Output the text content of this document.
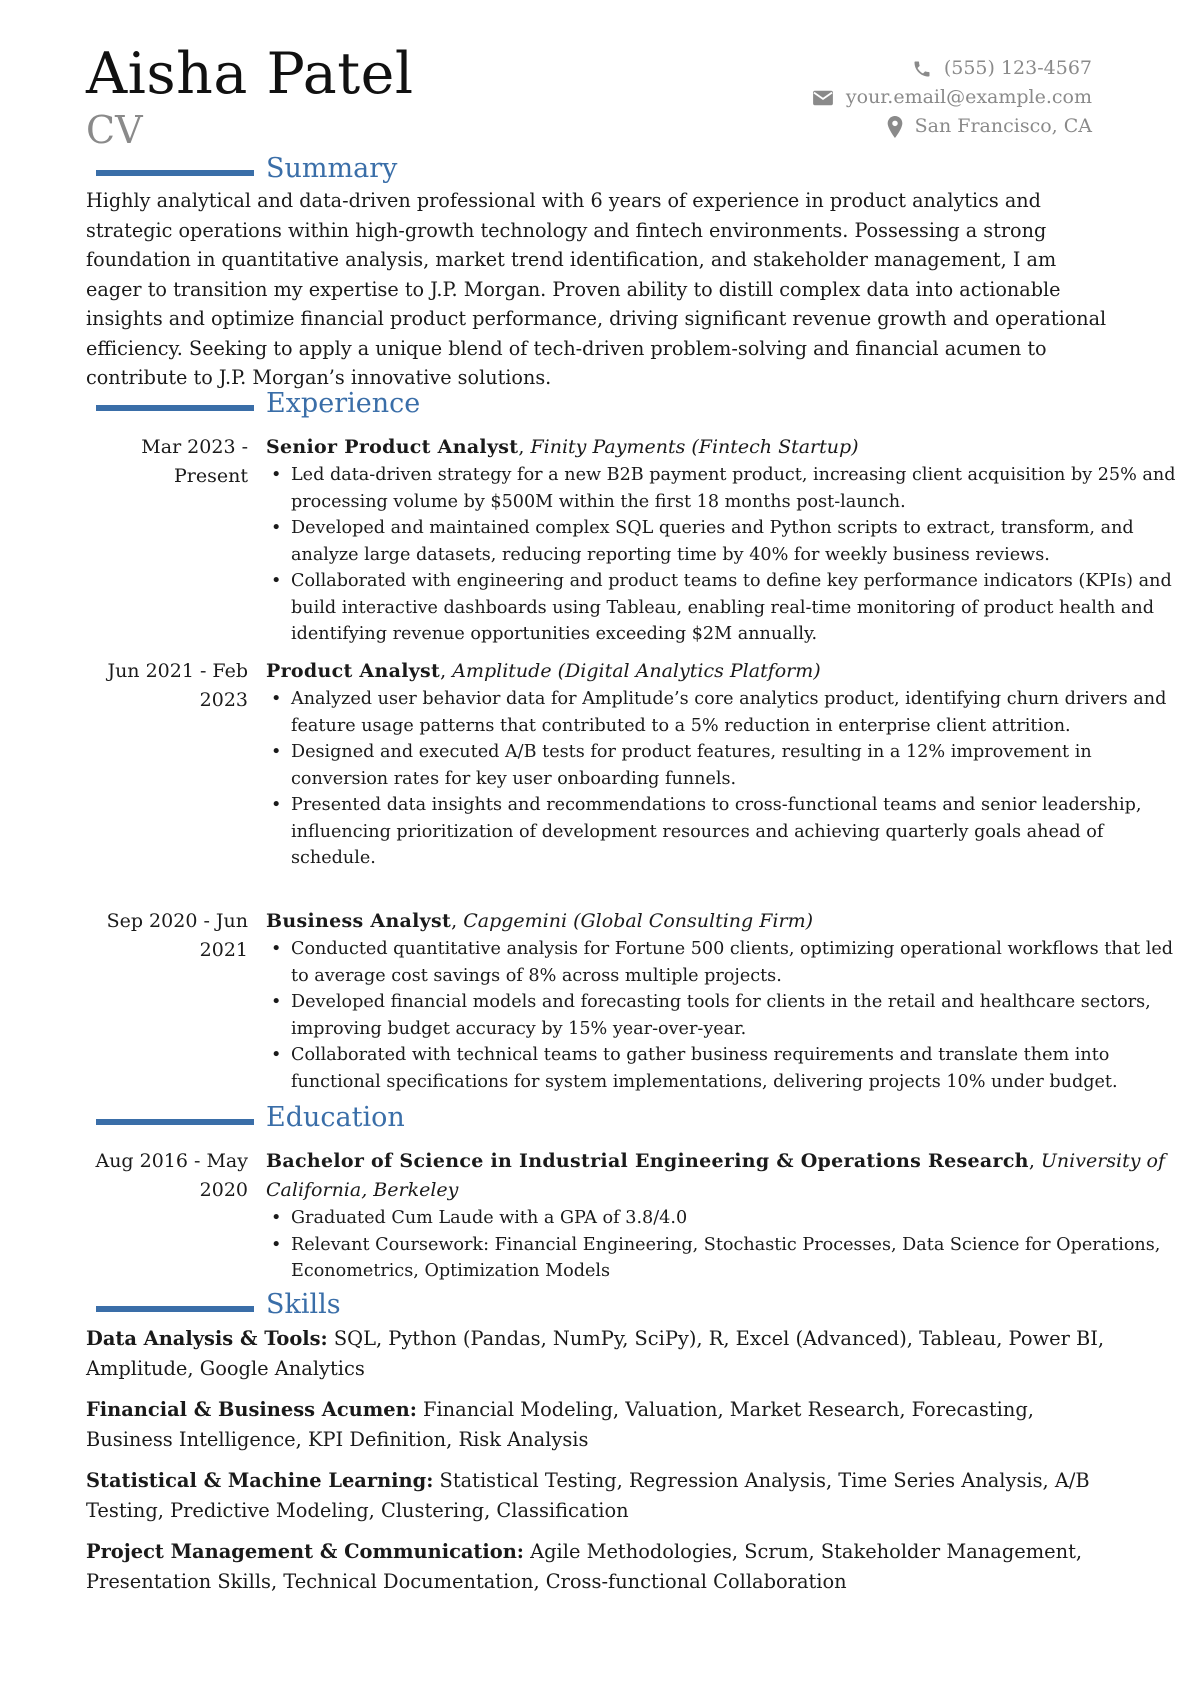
Aisha Patel
CV
(555) 123-4567
your.email@example.com
San Francisco, CA
Summary
Highly analytical and data-driven professional with 6 years of experience in product analytics and strategic operations within high-growth technology and fintech environments. Possessing a strong foundation in quantitative analysis, market trend identification, and stakeholder management, I am eager to transition my expertise to J.P. Morgan. Proven ability to distill complex data into actionable insights and optimize financial product performance, driving significant revenue growth and operational efficiency. Seeking to apply a unique blend of tech-driven problem-solving and financial acumen to contribute to J.P. Morgan’s innovative solutions.
Experience
Mar 2023 - Present
Senior Product Analyst, Finity Payments (Fintech Startup)
• Led data-driven strategy for a new B2B payment product, increasing client acquisition by 25% and processing volume by $500M within the first 18 months post-launch.
• Developed and maintained complex SQL queries and Python scripts to extract, transform, and analyze large datasets, reducing reporting time by 40% for weekly business reviews.
• Collaborated with engineering and product teams to define key performance indicators (KPIs) and build interactive dashboards using Tableau, enabling real-time monitoring of product health and identifying revenue opportunities exceeding $2M annually.
Jun 2021 - Feb 2023
Product Analyst, Amplitude (Digital Analytics Platform)
• Analyzed user behavior data for Amplitude’s core analytics product, identifying churn drivers and feature usage patterns that contributed to a 5% reduction in enterprise client attrition.
• Designed and executed A/B tests for product features, resulting in a 12% improvement in conversion rates for key user onboarding funnels.
• Presented data insights and recommendations to cross-functional teams and senior leadership, influencing prioritization of development resources and achieving quarterly goals ahead of schedule.
Sep 2020 - Jun 2021
Business Analyst, Capgemini (Global Consulting Firm)
• Conducted quantitative analysis for Fortune 500 clients, optimizing operational workflows that led to average cost savings of 8% across multiple projects.
• Developed financial models and forecasting tools for clients in the retail and healthcare sectors, improving budget accuracy by 15% year-over-year.
• Collaborated with technical teams to gather business requirements and translate them into functional specifications for system implementations, delivering projects 10% under budget.
Education
Aug 2016 - May 2020
Bachelor of Science in Industrial Engineering & Operations Research, University of California, Berkeley
• Graduated Cum Laude with a GPA of 3.8/4.0
• Relevant Coursework: Financial Engineering, Stochastic Processes, Data Science for Operations, Econometrics, Optimization Models
Skills
Data Analysis & Tools: SQL, Python (Pandas, NumPy, SciPy), R, Excel (Advanced), Tableau, Power BI, Amplitude, Google Analytics
Financial & Business Acumen: Financial Modeling, Valuation, Market Research, Forecasting, Business Intelligence, KPI Definition, Risk Analysis
Statistical & Machine Learning: Statistical Testing, Regression Analysis, Time Series Analysis, A/B Testing, Predictive Modeling, Clustering, Classification
Project Management & Communication: Agile Methodologies, Scrum, Stakeholder Management, Presentation Skills, Technical Documentation, Cross-functional Collaboration
